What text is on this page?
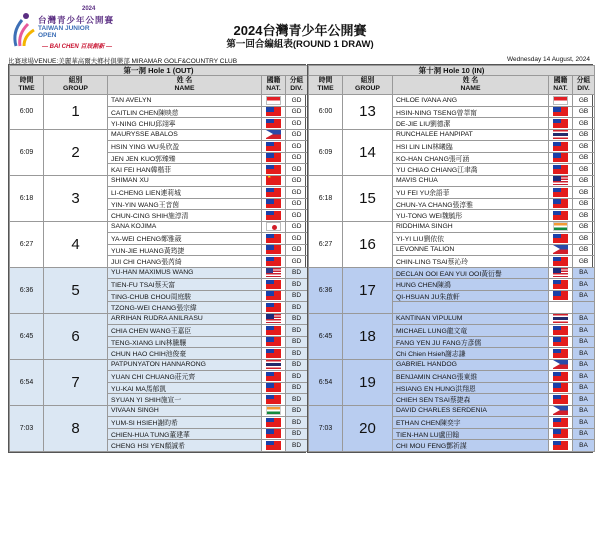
2024
台灣青少年公開賽
TAIWAN JUNIOR
OPEN
— BAI CHEN 百辰創新 —
2024台灣青少年公開賽
第一回合編組表(ROUND 1 DRAW)
比賽球場VENUE:美麗華高爾夫鄉村俱樂部 MIRAMAR GOLF&COUNTRY CLUB	Wednesday 14 August, 2024
第一洞 Hole 1 (OUT)				
時間
TIME	組別
GROUP	姓 名
NAME	國籍
NAT.	分組
DIV.
6:00	1	TAN AVELYN		GD
		CAITLIN CHEN陳映慈		GD
		YI-NING CHIU邱翊寧		GD
6:09	2	MAURYSSE ABALOS		GD
		HSIN YING WU吳欣盈		GD
		JEN JEN KUO郭臻臻		GD
		KAI FEI HAN韓楷菲		GD
6:18	3	SHIMAN XU	★	GD
		LI-CHENG LIEN連莉城		GD
		YIN-YIN WANG王音茵		GD
		CHUN-CING SHIH施淳清		GD
6:27	4	SANA KOJIMA		GD
		YA-WEI CHENG鄭雅葳		GD
		YUN-JIE HUANG黃筠捷		GD
		JUI CHI CHANG張芮綺		GD
6:36	5	YU-HAN MAXIMUS WANG		BD
		TIEN-FU TSAI蔡天富		BD
		TING-CHUB CHOU周庭駿		BD
		TZONG-WEI CHANG張宗緯		BD
6:45	6	ARRIHAN RUDRA ANILRASU		BD
		CHIA CHEN WANG王嘉臣		BD
		TENG-XIANG LIN林騰驤		BD
		CHUN HAO CHIH池俊豪		BD
6:54	7	PATPUNYATON HANNARONG		BD
		YUAN CHI CHUANG莊元齊		BD
		YU-KAI MA馬郁凱		BD
		SYUAN YI SHIH施宣一		BD
7:03	8	VIVAAN SINGH		BD
		YUM-SI HSIEH謝昀希		BD
		CHIEN-HUA TUNG董建華		BD
		CHENG HSI YEN顏誠希		BD
第十洞 Hole 10 (IN)				
時間
TIME	組別
GROUP	姓 名
NAME	國籍
NAT.	分組
DIV.
6:00	13	CHLOE IVANA ANG		GB
		HSIN-NING TSENG曾莘甯		GB
		DE-JIE LIU劉德潔		GB
6:09	14	RUNCHALEE HANPIPAT		GB
		HSI LIN LIN林曦臨		GB
		KO-HAN CHANG張可涵		GB
		YU CHIAO CHIANG江聿喬		GB
6:18	15	MAVIS CHUA		GB
		YU FEI YU余語菲		GB
		CHUN-YA CHANG張淳雅		GB
		YU-TONG WEI魏毓彤		GB
6:27	16	RIDDHIMA SINGH		GB
		YI-YI LIU劉依依		GB
		LEVONNE TALION		GB
		CHIN-LING TSAI蔡沁玲		GB
6:36	17	DECLAN OOI EAN YUI OOI黃衍譽		BA
		HUNG CHEN陳鴻		BA
		QI-HSUAN JU朱啟軒		BA

6:45	18	KANTINAN VIPULUM		BA
		MICHAEL LUNG龍文竜		BA
		FANG YEN JU FANG方彥儒		BA
		Chi Chien Hsieh謝志謙		BA
6:54	19	GABRIEL HANDOG		BA
		BENJAMIN CHANG張東維		BA
		HSIANG EN HUNG洪翔恩		BA
		CHIEH SEN TSAI蔡捷森		BA
7:03	20	DAVID CHARLES SERDENIA		BA
		ETHAN CHEN陳奕宇		BA
		TIEN-HAN LU盧田翰		BA
		CHI MOU FENG酆祈謀		BA
